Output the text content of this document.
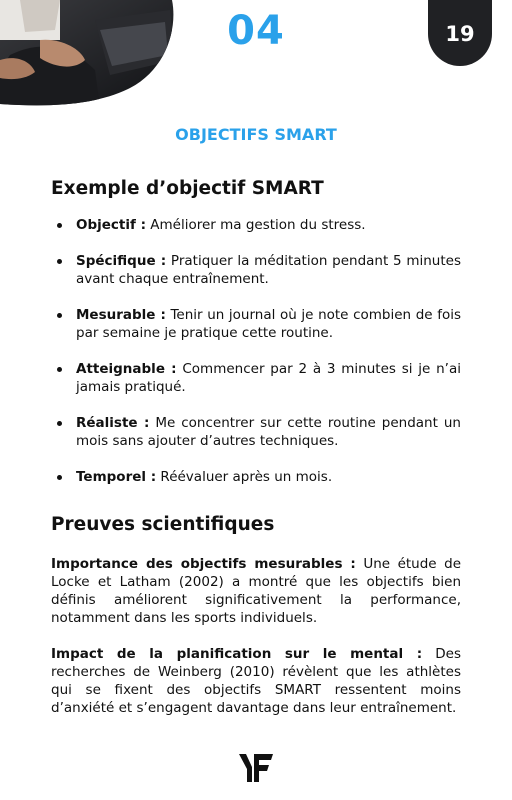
04	19
OBJECTIFS SMART
Exemple d’objectif SMART
Objectif : Améliorer ma gestion du stress.
Spécifique : Pratiquer la méditation pendant 5 minutes avant chaque entraînement.
Mesurable : Tenir un journal où je note combien de fois par semaine je pratique cette routine.
Atteignable : Commencer par 2 à 3 minutes si je n’ai jamais pratiqué.
Réaliste : Me concentrer sur cette routine pendant un mois sans ajouter d’autres techniques.
Temporel : Réévaluer après un mois.
Preuves scientifiques

Importance des objectifs mesurables : Une étude de Locke et Latham (2002) a montré que les objectifs bien définis améliorent significativement la performance, notamment dans les sports individuels.

Impact de la planification sur le mental : Des recherches de Weinberg (2010) révèlent que les athlètes qui se fixent des objectifs SMART ressentent moins d’anxiété et s’engagent davantage dans leur entraînement.
